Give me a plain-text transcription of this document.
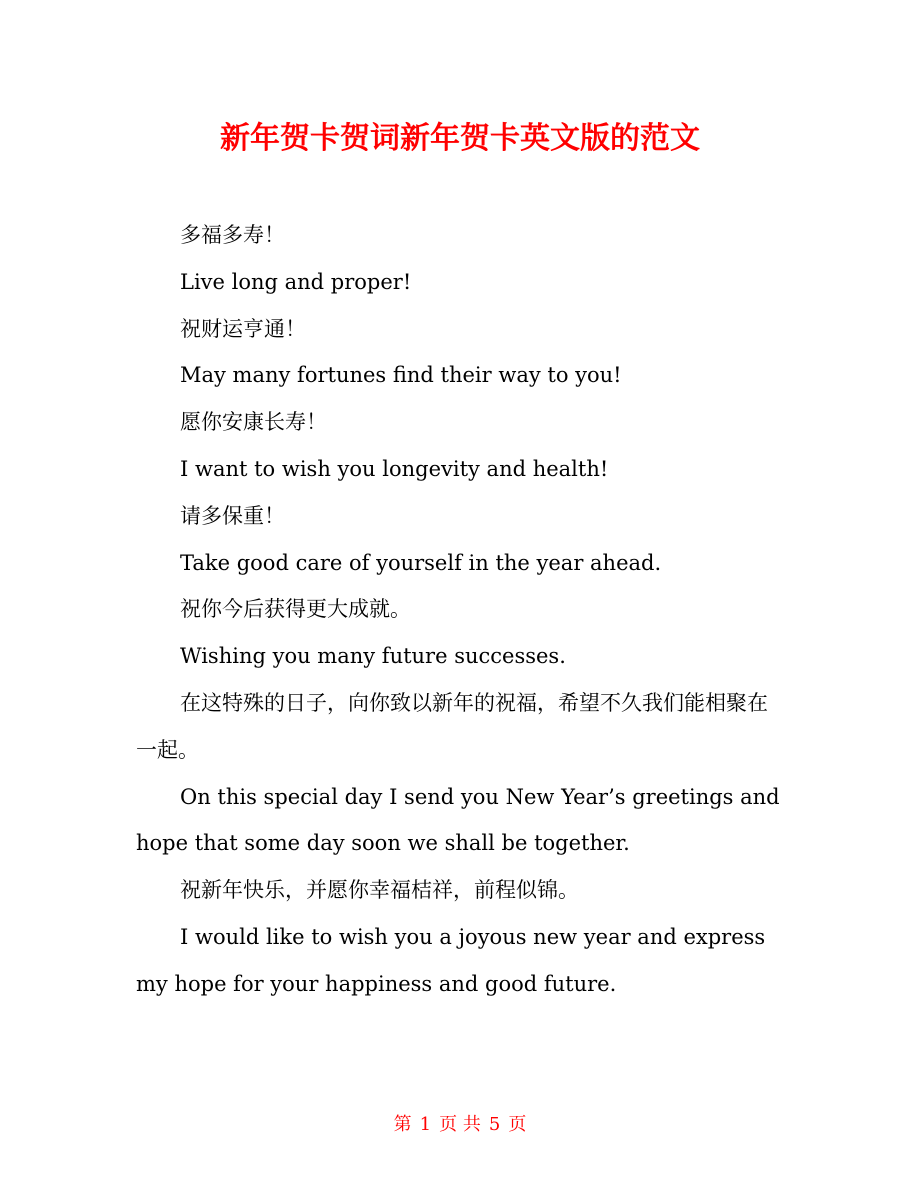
新年贺卡贺词新年贺卡英文版的范文

多福多寿！

Live long and proper!

祝财运亨通！

May many fortunes find their way to you!

愿你安康长寿！

I want to wish you longevity and health!

请多保重！

Take good care of yourself in the year ahead.

祝你今后获得更大成就。

Wishing you many future successes.

在这特殊的日子，向你致以新年的祝福，希望不久我们能相聚在一起。

On this special day I send you New Year’s greetings and hope that some day soon we shall be together.

祝新年快乐，并愿你幸福桔祥，前程似锦。

I would like to wish you a joyous new year and express my hope for your happiness and good future.

第 1 页 共 5 页
